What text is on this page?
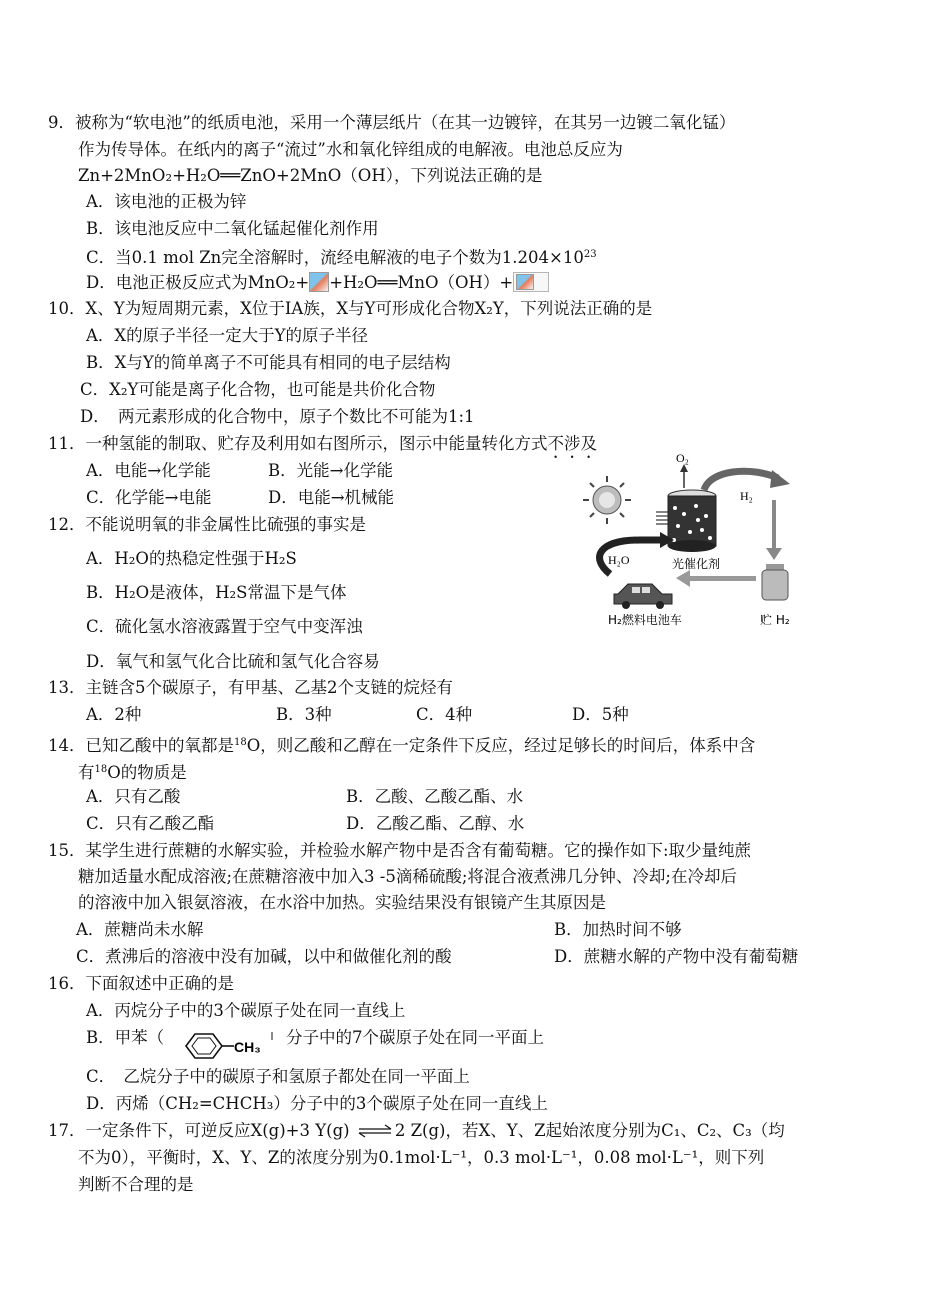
9．被称为“软电池”的纸质电池，采用一个薄层纸片（在其一边镀锌，在其另一边镀二氧化锰）
作为传导体。在纸内的离子“流过”水和氧化锌组成的电解液。电池总反应为
Zn+2MnO₂+H₂O══ZnO+2MnO（OH），下列说法正确的是
A．该电池的正极为锌
B．该电池反应中二氧化锰起催化剂作用
C．当0.1 mol Zn完全溶解时，流经电解液的电子个数为$1.204\times 10^{23}$
D．电池正极反应式为MnO₂+ +H₂O══MnO（OH）+
10．X、Y为短周期元素，X位于IA族，X与Y可形成化合物X₂Y，下列说法正确的是
A．X的原子半径一定大于Y的原子半径
B．X与Y的简单离子不可能具有相同的电子层结构
C．X₂Y可能是离子化合物，也可能是共价化合物
D．　两元素形成的化合物中，原子个数比不可能为1:1
11．一种氢能的制取、贮存及利用如右图所示，图示中能量转化方式不涉及
A．电能→化学能	B．光能→化学能
C．化学能→电能	D．电能→机械能
O₂
H₂
H₂O	光催化剂
H₂燃料电池车	贮 H₂
12．不能说明氧的非金属性比硫强的事实是
A．H₂O的热稳定性强于H₂S
B．H₂O是液体，H₂S常温下是气体
C．硫化氢水溶液露置于空气中变浑浊
D．氧气和氢气化合比硫和氢气化合容易
13．主链含5个碳原子，有甲基、乙基2个支链的烷烃有
A．2种	B．3种	C．4种	D．5种
14．已知乙酸中的氧都是$^{18}$O，则乙酸和乙醇在一定条件下反应，经过足够长的时间后，体系中含
有$^{18}$O的物质是
A．只有乙酸	B．乙酸、乙酸乙酯、水
C．只有乙酸乙酯	D．乙酸乙酯、乙醇、水
15．某学生进行蔗糖的水解实验，并检验水解产物中是否含有葡萄糖。它的操作如下:取少量纯蔗
糖加适量水配成溶液;在蔗糖溶液中加入3 -5滴稀硫酸;将混合液煮沸几分钟、冷却;在冷却后
的溶液中加入银氨溶液，在水浴中加热。实验结果没有银镜产生其原因是
A．蔗糖尚未水解	B．加热时间不够
C．煮沸后的溶液中没有加碱，以中和做催化剂的酸	D．蔗糖水解的产物中没有葡萄糖
16．下面叙述中正确的是
A．丙烷分子中的3个碳原子处在同一直线上
B．甲苯（	CH₃ 分子中的7个碳原子处在同一平面上
C．　乙烷分子中的碳原子和氢原子都处在同一平面上
D．丙烯（CH₂=CHCH₃）分子中的3个碳原子处在同一直线上
17．一定条件下，可逆反应X(g)+3 Y(g) ⇌2 Z(g)，若X、Y、Z起始浓度分别为C₁、C₂、C₃（均
不为0），平衡时，X、Y、Z的浓度分别为0.1mol·L⁻¹，0.3 mol·L⁻¹，0.08 mol·L⁻¹，则下列
判断不合理的是
